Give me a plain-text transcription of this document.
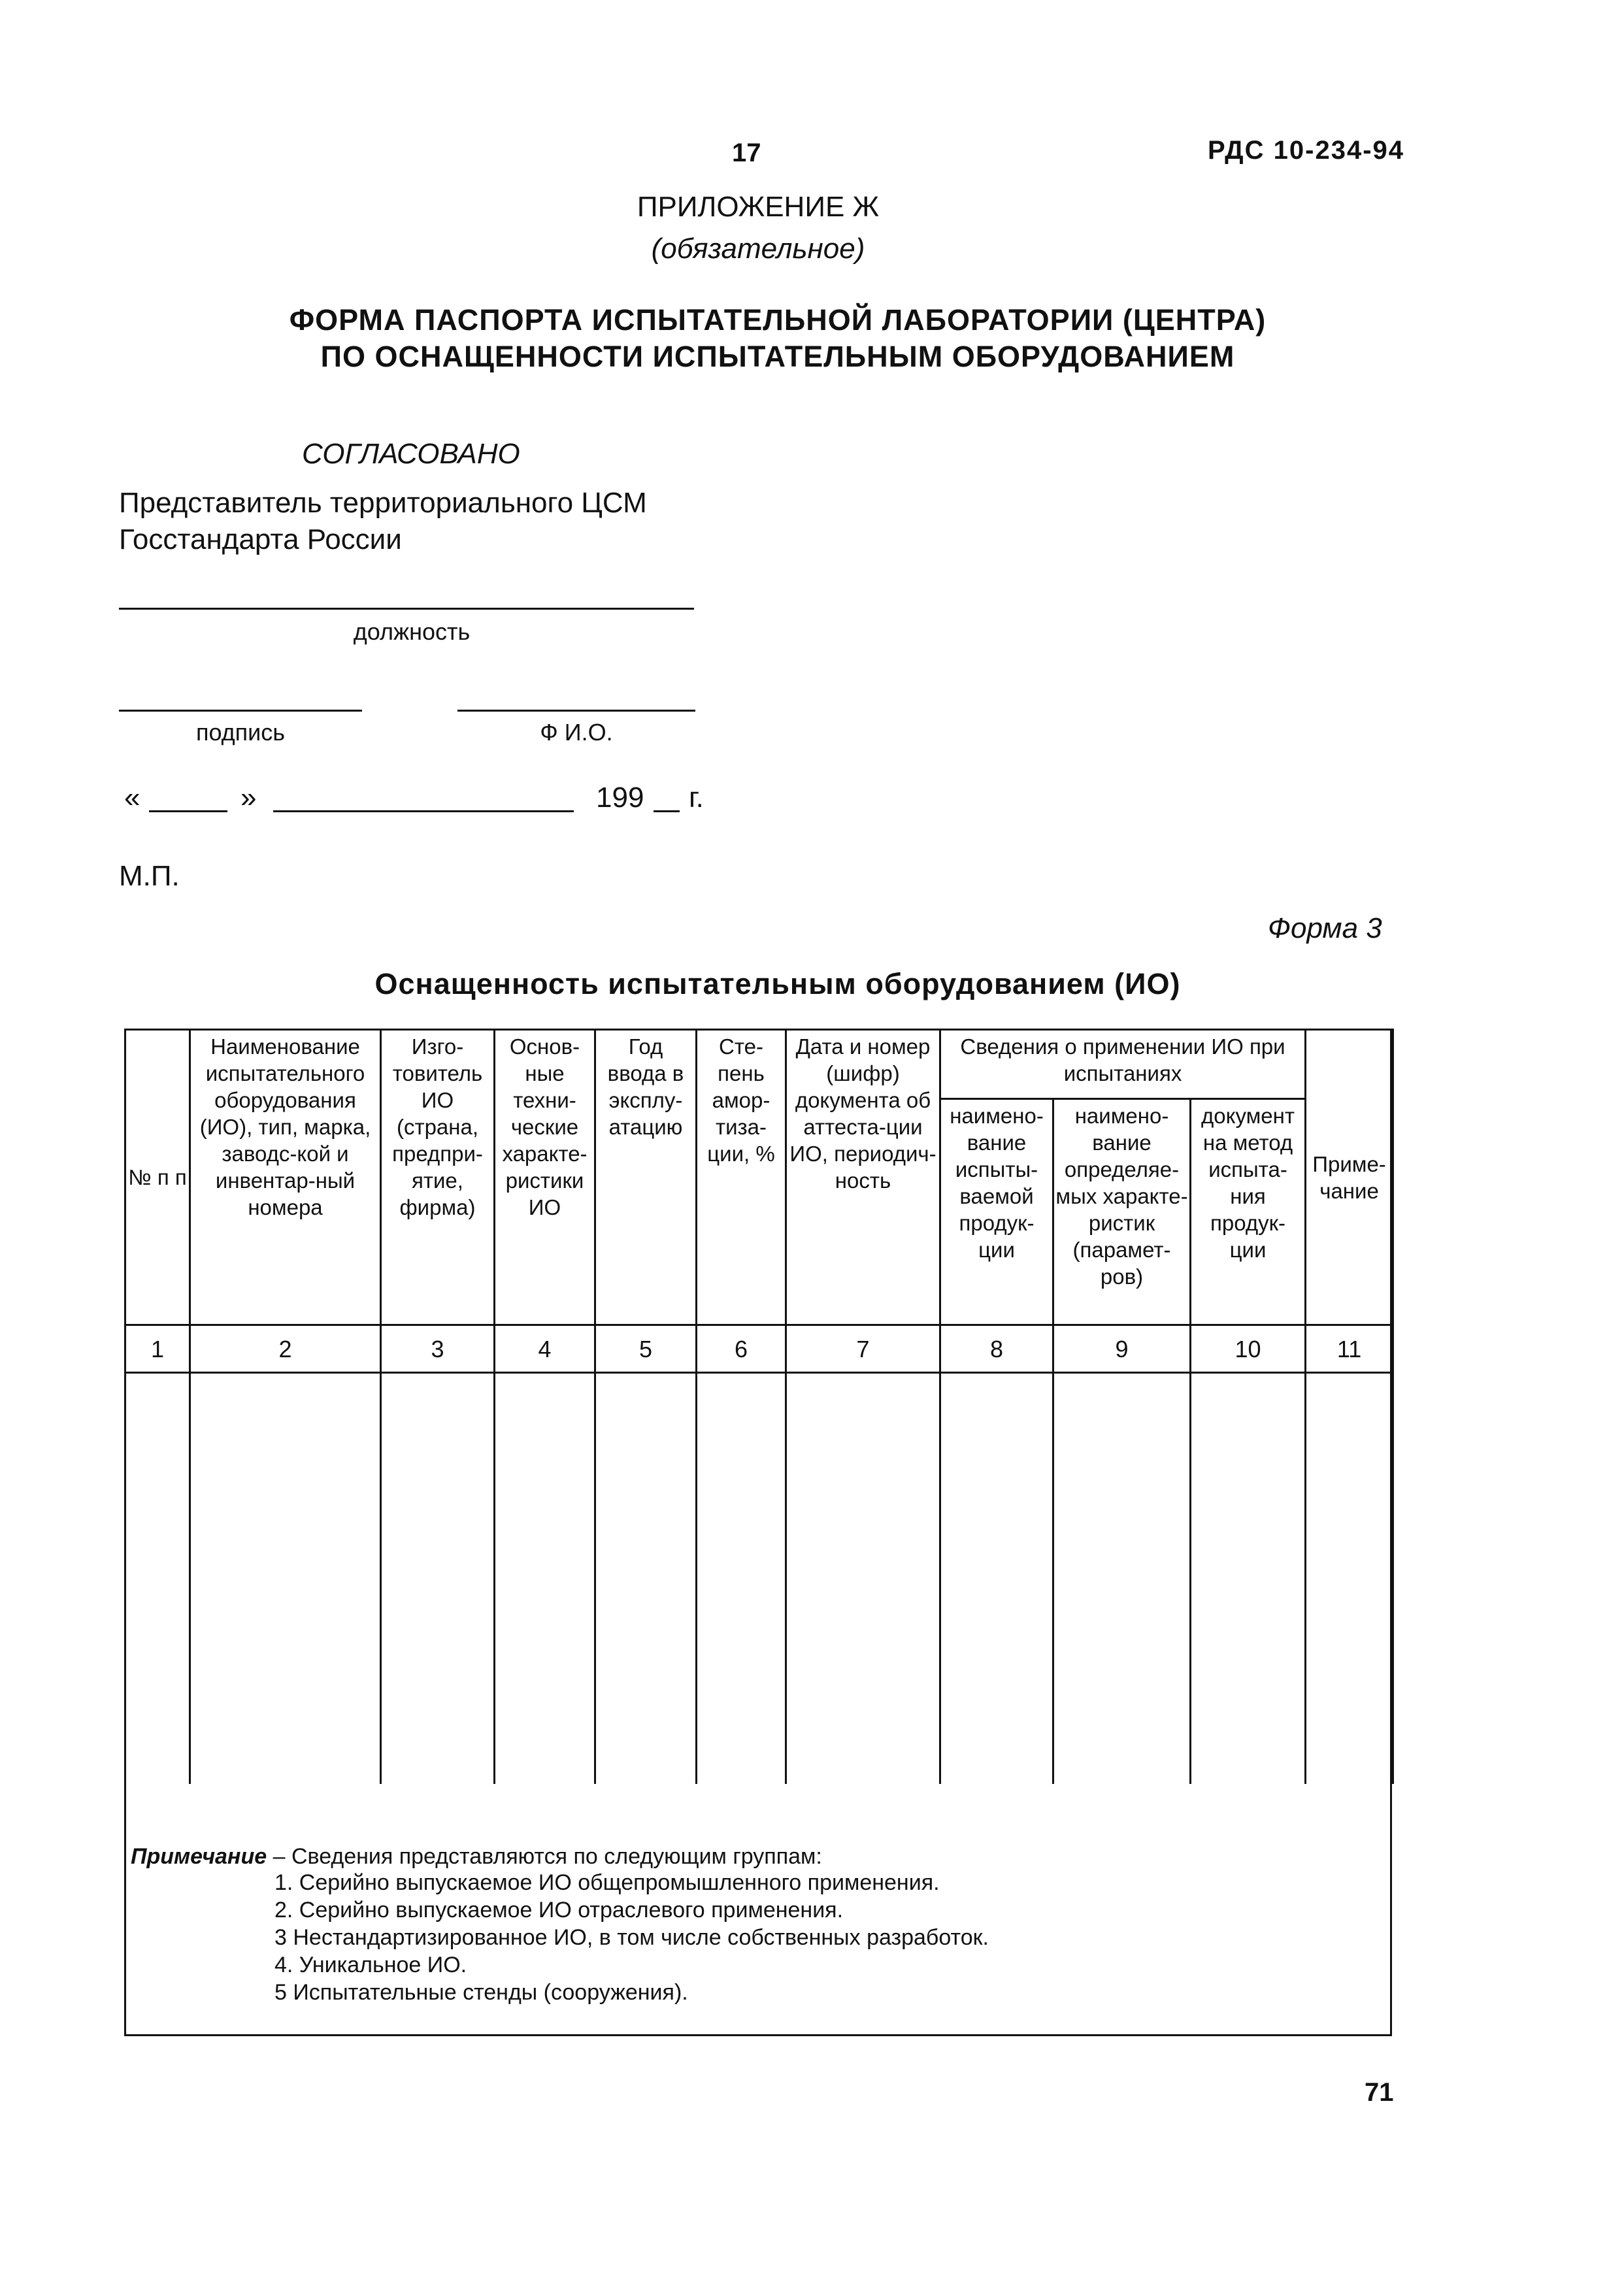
17	РДС 10-234-94
ПРИЛОЖЕНИЕ Ж
(обязательное)
ФОРМА ПАСПОРТА ИСПЫТАТЕЛЬНОЙ ЛАБОРАТОРИИ (ЦЕНТРА)
ПО ОСНАЩЕННОСТИ ИСПЫТАТЕЛЬНЫМ ОБОРУДОВАНИЕМ
СОГЛАСОВАНО
Представитель территориального ЦСМ
Госстандарта России
должность
подпись	Ф И.О.
«	»	199 г.
М.П.
Форма 3
Оснащенность испытательным оборудованием (ИО)
№ п п	Наименование испытательного оборудования (ИО), тип, марка, заводс-кой и инвентар-ный номера	Изго-товитель ИО (страна, предпри-ятие, фирма)	Основ-ные техни-ческие характе-ристики ИО	Год ввода в эксплу-атацию	Сте-пень амор-тиза-ции, %	Дата и номер (шифр) документа об аттеста-ции ИО, периодич-ность	Сведения о применении ИО при испытаниях			Приме-чание
							наимено-вание испыты-ваемой продук-ции	наимено-вание определяе-мых характе-ристик (парамет-ров)	документ на метод испыта-ния продук-ции	
1	2	3	4	5	6	7	8	9	10	11

Примечание – Сведения представляются по следующим группам:
1. Серийно выпускаемое ИО общепромышленного применения.
2. Серийно выпускаемое ИО отраслевого применения.
3 Нестандартизированное ИО, в том числе собственных разработок.
4. Уникальное ИО.
5 Испытательные стенды (сооружения).
71
